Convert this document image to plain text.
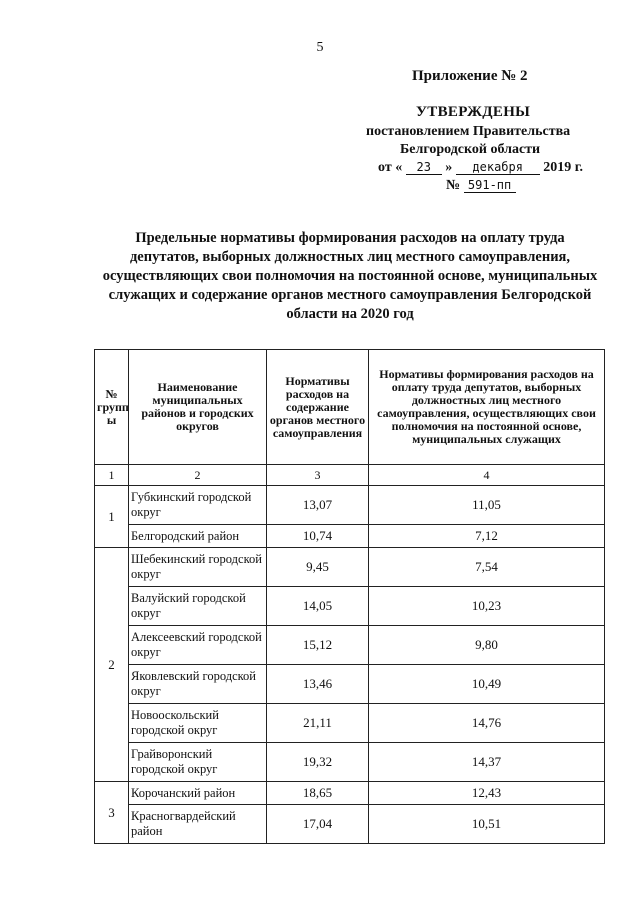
5
Приложение № 2
УТВЕРЖДЕНЫ
постановлением Правительства
Белгородской области
от « 23 » декабря 2019 г.
№ 591-пп
Предельные нормативы формирования расходов на оплату труда депутатов, выборных должностных лиц местного самоуправления, осуществляющих свои полномочия на постоянной основе, муниципальных служащих и содержание органов местного самоуправления Белгородской области на 2020 год
№ групп ы	Наименование муниципальных районов и городских округов	Нормативы расходов на содержание органов местного самоуправления	Нормативы формирования расходов на оплату труда депутатов, выборных должностных лиц местного самоуправления, осуществляющих свои полномочия на постоянной основе, муниципальных служащих
1	2	3	4
1	Губкинский городской округ	13,07	11,05
	Белгородский район	10,74	7,12
2	Шебекинский городской округ	9,45	7,54
	Валуйский городской округ	14,05	10,23
	Алексеевский городской округ	15,12	9,80
	Яковлевский городской округ	13,46	10,49
	Новооскольский городской округ	21,11	14,76
	Грайворонский городской округ	19,32	14,37
3	Корочанский район	18,65	12,43
	Красногвардейский район	17,04	10,51
